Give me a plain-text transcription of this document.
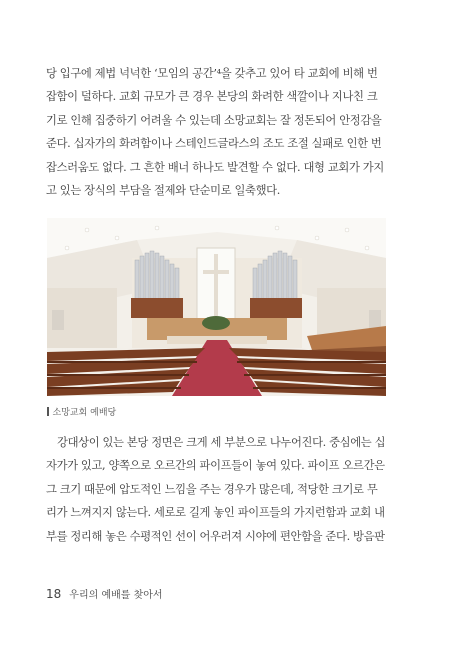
당 입구에 제법 넉넉한 ‘모임의 공간’⁴을 갖추고 있어 타 교회에 비해 번
잡함이 덜하다. 교회 규모가 큰 경우 본당의 화려한 색깔이나 지나친 크
기로 인해 집중하기 어려울 수 있는데 소망교회는 잘 정돈되어 안정감을
준다. 십자가의 화려함이나 스테인드글라스의 조도 조절 실패로 인한 번
잡스러움도 없다. 그 흔한 배너 하나도 발견할 수 없다. 대형 교회가 가지
고 있는 장식의 부담을 절제와 단순미로 일축했다.

소망교회 예배당

강대상이 있는 본당 정면은 크게 세 부분으로 나누어진다. 중심에는 십
자가가 있고, 양쪽으로 오르간의 파이프들이 놓여 있다. 파이프 오르간은
그 크기 때문에 압도적인 느낌을 주는 경우가 많은데, 적당한 크기로 무
리가 느껴지지 않는다. 세로로 길게 놓인 파이프들의 가지런함과 교회 내
부를 정리해 놓은 수평적인 선이 어우러져 시야에 편안함을 준다. 방음판

18 우리의 예배를 찾아서
